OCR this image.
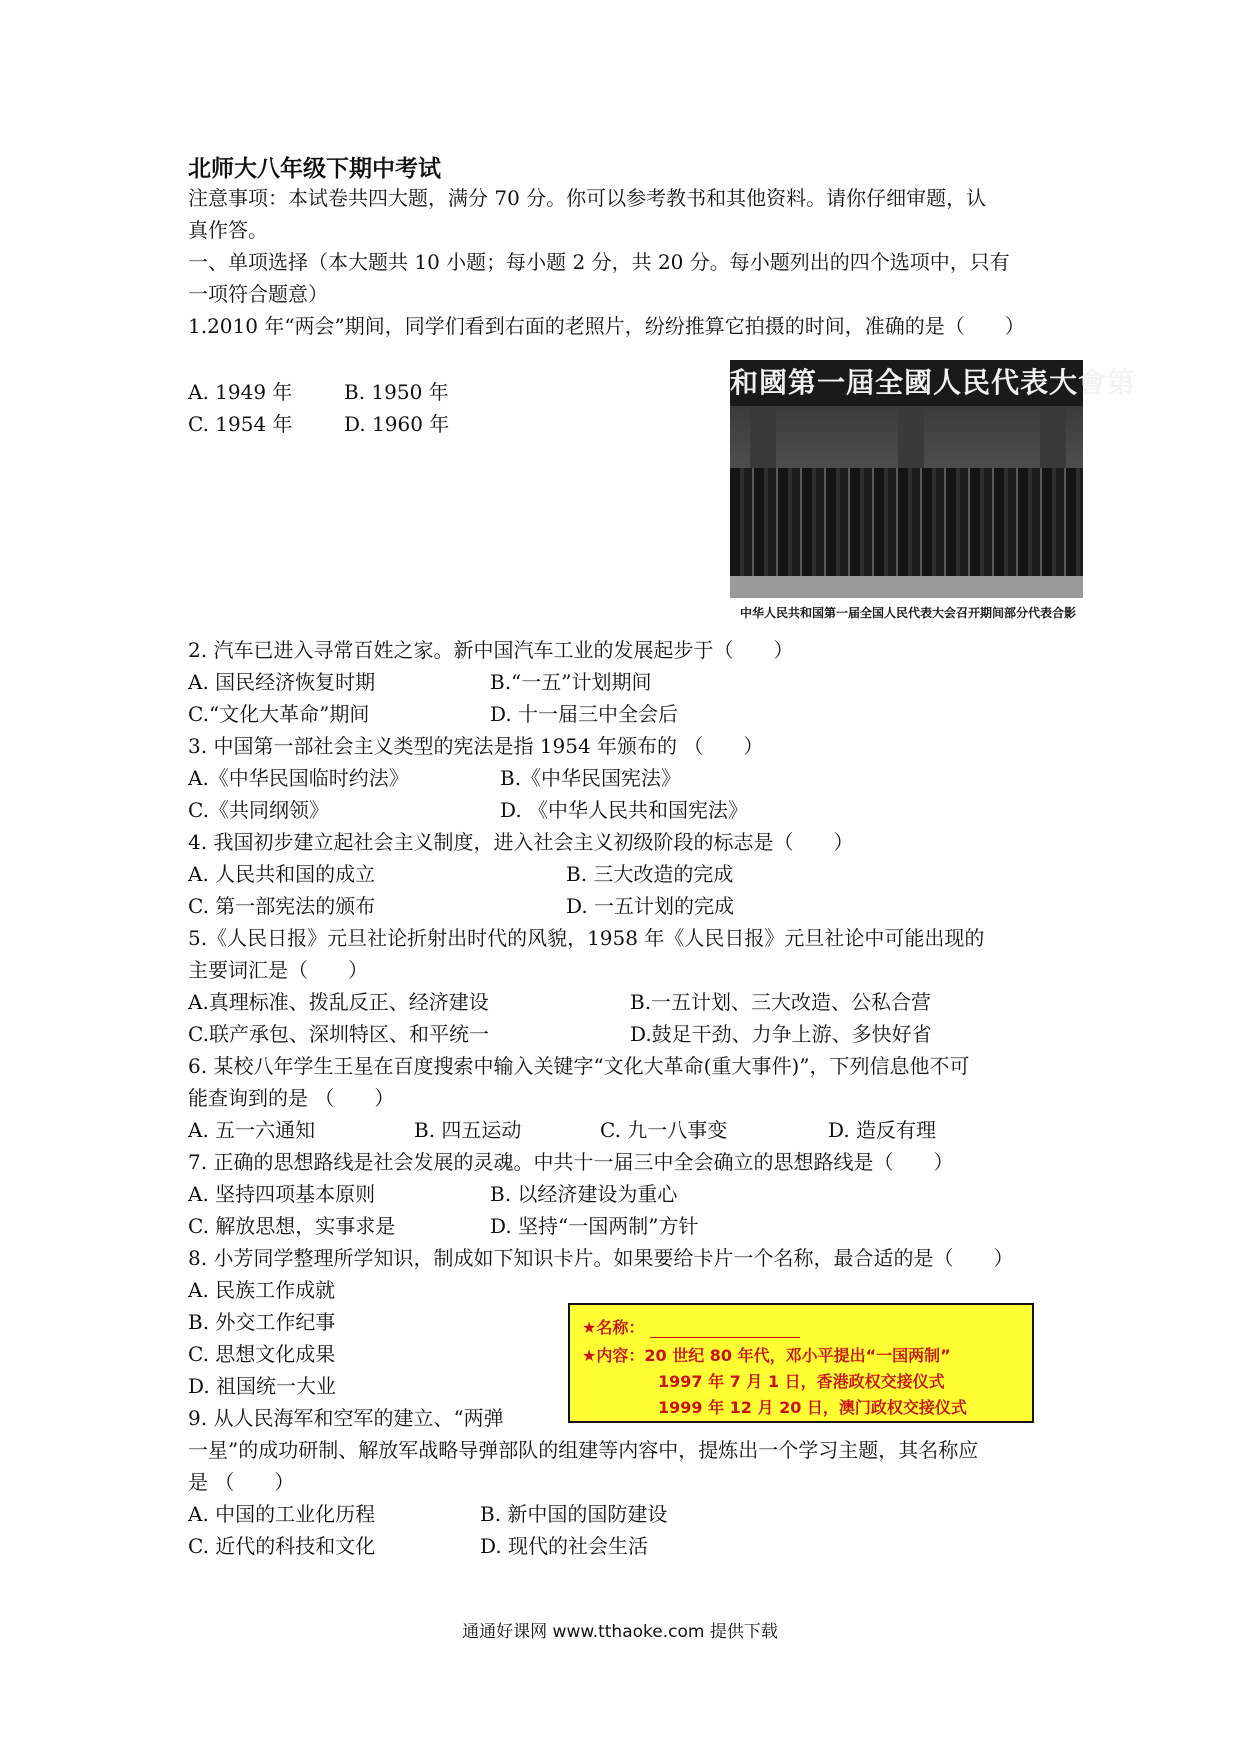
北师大八年级下期中考试
注意事项：本试卷共四大题，满分 70 分。你可以参考教书和其他资料。请你仔细审题，认
真作答。
一、单项选择（本大题共 10 小题；每小题 2 分，共 20 分。每小题列出的四个选项中，只有
一项符合题意）
1.2010 年“两会”期间，同学们看到右面的老照片，纷纷推算它拍摄的时间，准确的是（　　）
A. 1949 年	B. 1950 年
C. 1954 年	D. 1960 年
和國第一屆全國人民代表大會第
中华人民共和国第一届全国人民代表大会召开期间部分代表合影
2. 汽车已进入寻常百姓之家。新中国汽车工业的发展起步于（　　）
A. 国民经济恢复时期	B.“一五”计划期间
C.“文化大革命”期间	D. 十一届三中全会后
3. 中国第一部社会主义类型的宪法是指 1954 年颁布的 （　　）
A.《中华民国临时约法》	B.《中华民国宪法》
C.《共同纲领》	D. 《中华人民共和国宪法》
4. 我国初步建立起社会主义制度，进入社会主义初级阶段的标志是（　　）
A. 人民共和国的成立	B. 三大改造的完成
C. 第一部宪法的颁布	D. 一五计划的完成
5.《人民日报》元旦社论折射出时代的风貌，1958 年《人民日报》元旦社论中可能出现的
主要词汇是（　　）
A.真理标准、拨乱反正、经济建设	B.一五计划、三大改造、公私合营
C.联产承包、深圳特区、和平统一	D.鼓足干劲、力争上游、多快好省
6. 某校八年学生王星在百度搜索中输入关键字“文化大革命(重大事件)”，下列信息他不可
能查询到的是 （　　）
A. 五一六通知	B. 四五运动	C. 九一八事变	D. 造反有理
7. 正确的思想路线是社会发展的灵魂。中共十一届三中全会确立的思想路线是（　　）
A. 坚持四项基本原则	B. 以经济建设为重心
C. 解放思想，实事求是	D. 坚持“一国两制”方针
8. 小芳同学整理所学知识，制成如下知识卡片。如果要给卡片一个名称，最合适的是（　　）
A. 民族工作成就
B. 外交工作纪事
C. 思想文化成果
D. 祖国统一大业
★名称：
★内容：20 世纪 80 年代，邓小平提出“一国两制”
1997 年 7 月 1 日，香港政权交接仪式
1999 年 12 月 20 日，澳门政权交接仪式
9. 从人民海军和空军的建立、“两弹
一星”的成功研制、解放军战略导弹部队的组建等内容中，提炼出一个学习主题，其名称应
是 （　　）
A. 中国的工业化历程	B. 新中国的国防建设
C. 近代的科技和文化	D. 现代的社会生活
通通好课网 www.tthaoke.com 提供下载
